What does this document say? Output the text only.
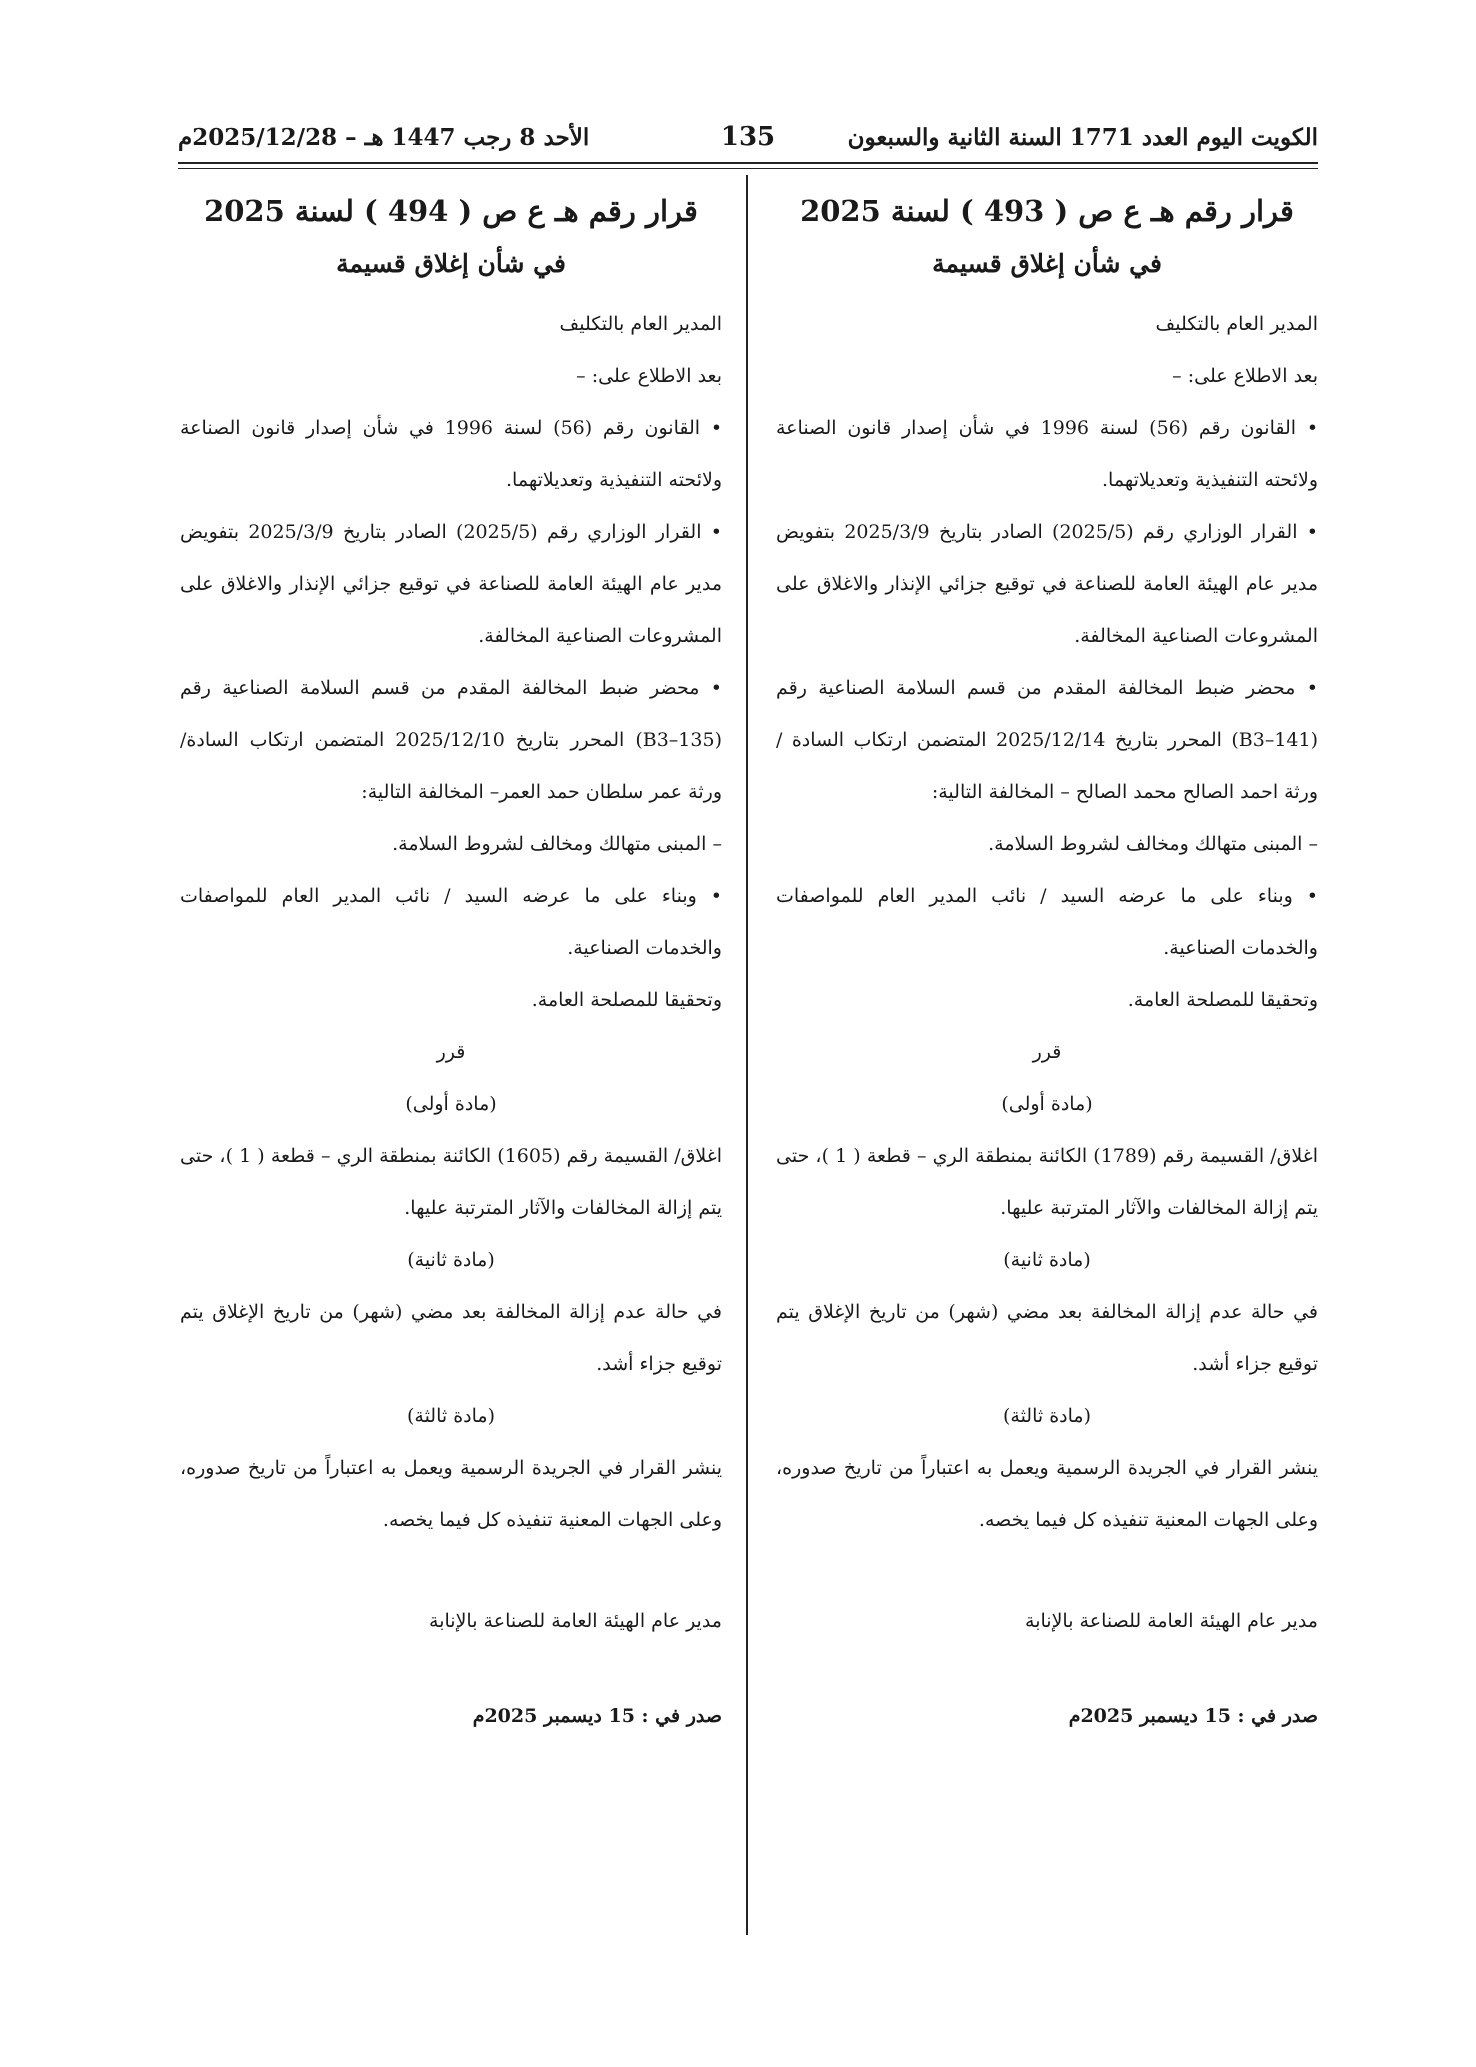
الكويت اليوم العدد 1771 السنة الثانية والسبعون
135
الأحد 8 رجب 1447 هـ – 2025/12/28م
قرار رقم هـ ع ص ( 493 ) لسنة 2025
في شأن إغلاق قسيمة
المدير العام بالتكليف
بعد الاطلاع على: –
• القانون رقم (56) لسنة 1996 في شأن إصدار قانون الصناعة ولائحته التنفيذية وتعديلاتهما.
• القرار الوزاري رقم (2025/5) الصادر بتاريخ 2025/3/9 بتفويض مدير عام الهيئة العامة للصناعة في توقيع جزائي الإنذار والاغلاق على المشروعات الصناعية المخالفة.
• محضر ضبط المخالفة المقدم من قسم السلامة الصناعية رقم (B3–141) المحرر بتاريخ 2025/12/14 المتضمن ارتكاب السادة / ورثة احمد الصالح محمد الصالح – المخالفة التالية:
– المبنى متهالك ومخالف لشروط السلامة.
• وبناء على ما عرضه السيد / نائب المدير العام للمواصفات والخدمات الصناعية.
وتحقيقا للمصلحة العامة.
قرر
(مادة أولى)
اغلاق/ القسيمة رقم (1789) الكائنة بمنطقة الري – قطعة ( 1 )، حتى يتم إزالة المخالفات والآثار المترتبة عليها.
(مادة ثانية)
في حالة عدم إزالة المخالفة بعد مضي (شهر) من تاريخ الإغلاق يتم توقيع جزاء أشد.
(مادة ثالثة)
ينشر القرار في الجريدة الرسمية ويعمل به اعتباراً من تاريخ صدوره، وعلى الجهات المعنية تنفيذه كل فيما يخصه.
مدير عام الهيئة العامة للصناعة بالإنابة
صدر في : 15 ديسمبر 2025م
قرار رقم هـ ع ص ( 494 ) لسنة 2025
في شأن إغلاق قسيمة
المدير العام بالتكليف
بعد الاطلاع على: –
• القانون رقم (56) لسنة 1996 في شأن إصدار قانون الصناعة ولائحته التنفيذية وتعديلاتهما.
• القرار الوزاري رقم (2025/5) الصادر بتاريخ 2025/3/9 بتفويض مدير عام الهيئة العامة للصناعة في توقيع جزائي الإنذار والاغلاق على المشروعات الصناعية المخالفة.
• محضر ضبط المخالفة المقدم من قسم السلامة الصناعية رقم (B3–135) المحرر بتاريخ 2025/12/10 المتضمن ارتكاب السادة/ ورثة عمر سلطان حمد العمر– المخالفة التالية:
– المبنى متهالك ومخالف لشروط السلامة.
• وبناء على ما عرضه السيد / نائب المدير العام للمواصفات والخدمات الصناعية.
وتحقيقا للمصلحة العامة.
قرر
(مادة أولى)
اغلاق/ القسيمة رقم (1605) الكائنة بمنطقة الري – قطعة ( 1 )، حتى يتم إزالة المخالفات والآثار المترتبة عليها.
(مادة ثانية)
في حالة عدم إزالة المخالفة بعد مضي (شهر) من تاريخ الإغلاق يتم توقيع جزاء أشد.
(مادة ثالثة)
ينشر القرار في الجريدة الرسمية ويعمل به اعتباراً من تاريخ صدوره، وعلى الجهات المعنية تنفيذه كل فيما يخصه.
مدير عام الهيئة العامة للصناعة بالإنابة
صدر في : 15 ديسمبر 2025م
